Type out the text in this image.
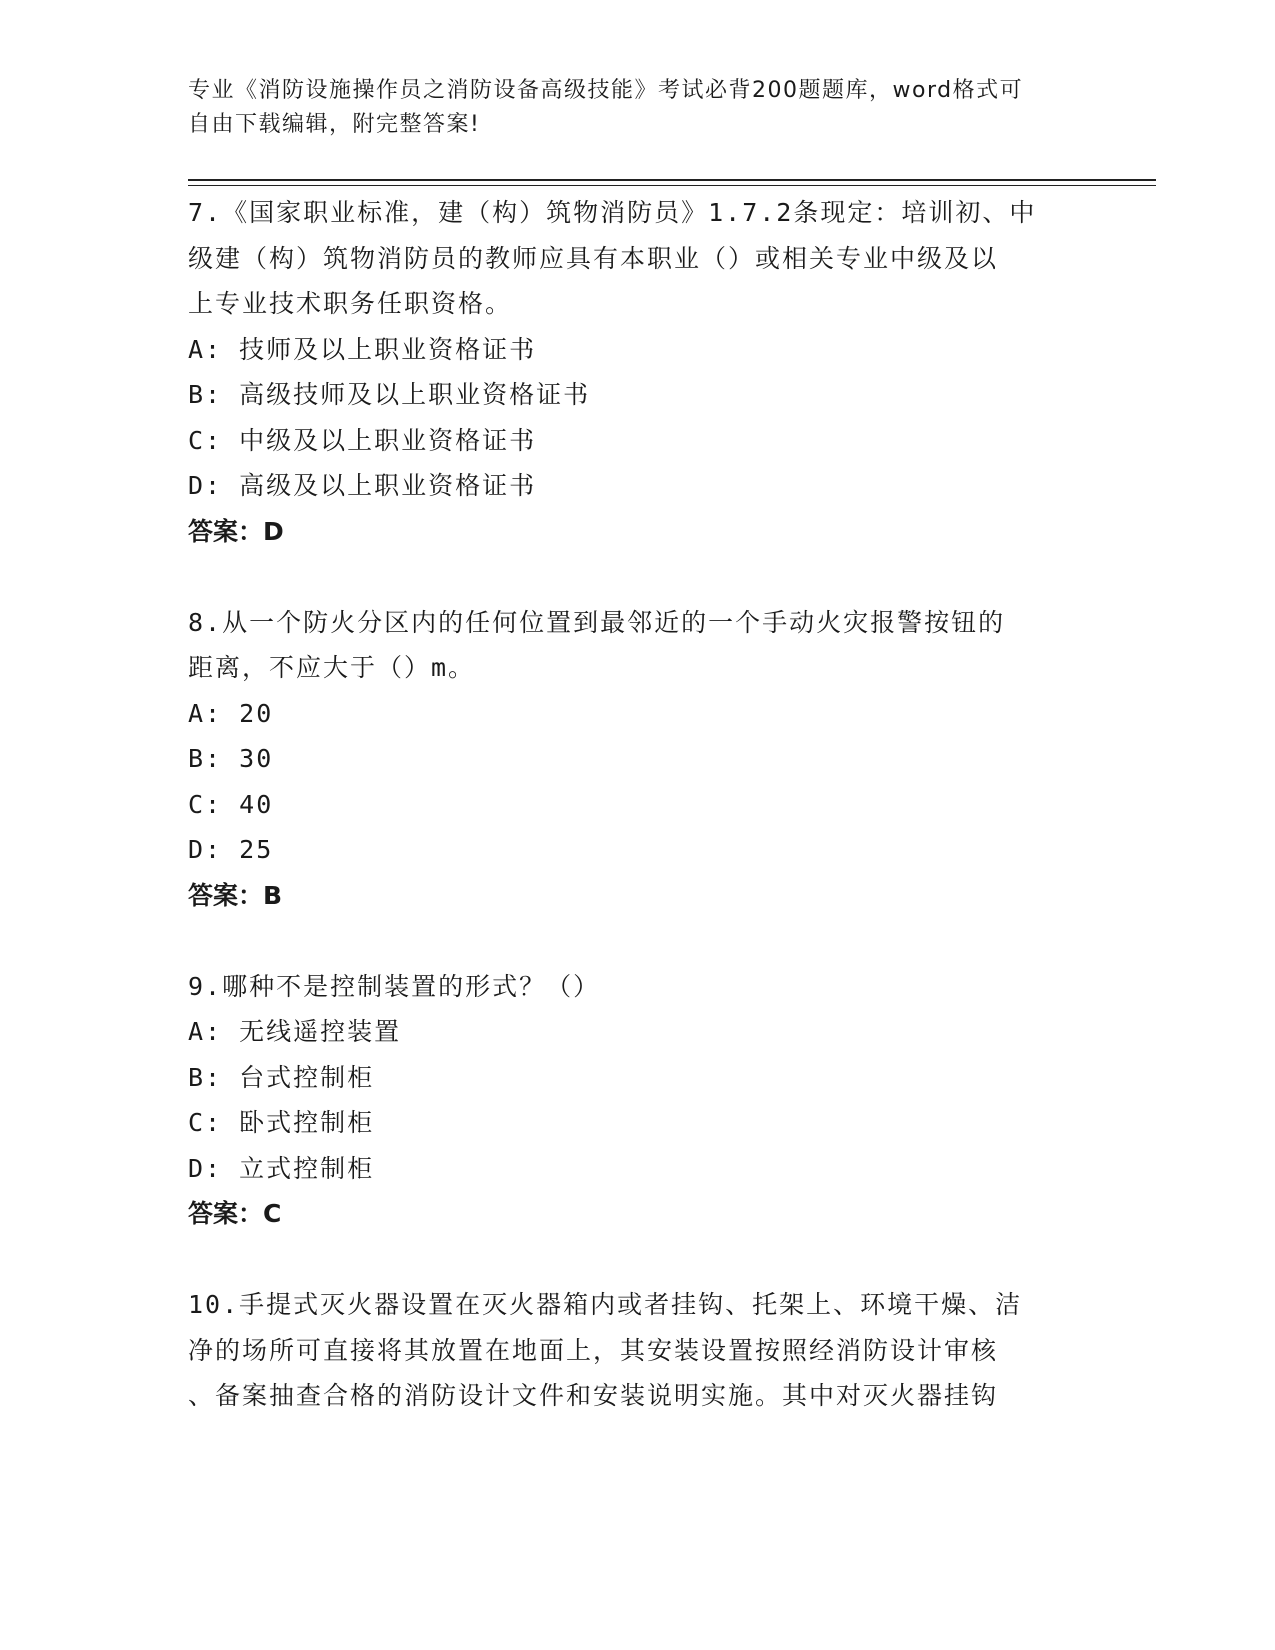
专业《消防设施操作员之消防设备高级技能》考试必背200题题库，word格式可
自由下载编辑，附完整答案!

7.《国家职业标准，建（构）筑物消防员》1.7.2条现定：培训初、中

级建（构）筑物消防员的教师应具有本职业（）或相关专业中级及以

上专业技术职务任职资格。

A: 技师及以上职业资格证书

B: 高级技师及以上职业资格证书

C: 中级及以上职业资格证书

D: 高级及以上职业资格证书

答案：D

8.从一个防火分区内的任何位置到最邻近的一个手动火灾报警按钮的

距离，不应大于（）m。

A: 20

B: 30

C: 40

D: 25

答案：B

9.哪种不是控制装置的形式？（）

A: 无线遥控装置

B: 台式控制柜

C: 卧式控制柜

D: 立式控制柜

答案：C

10.手提式灭火器设置在灭火器箱内或者挂钩、托架上、环境干燥、洁

净的场所可直接将其放置在地面上，其安装设置按照经消防设计审核

、备案抽查合格的消防设计文件和安装说明实施。其中对灭火器挂钩
